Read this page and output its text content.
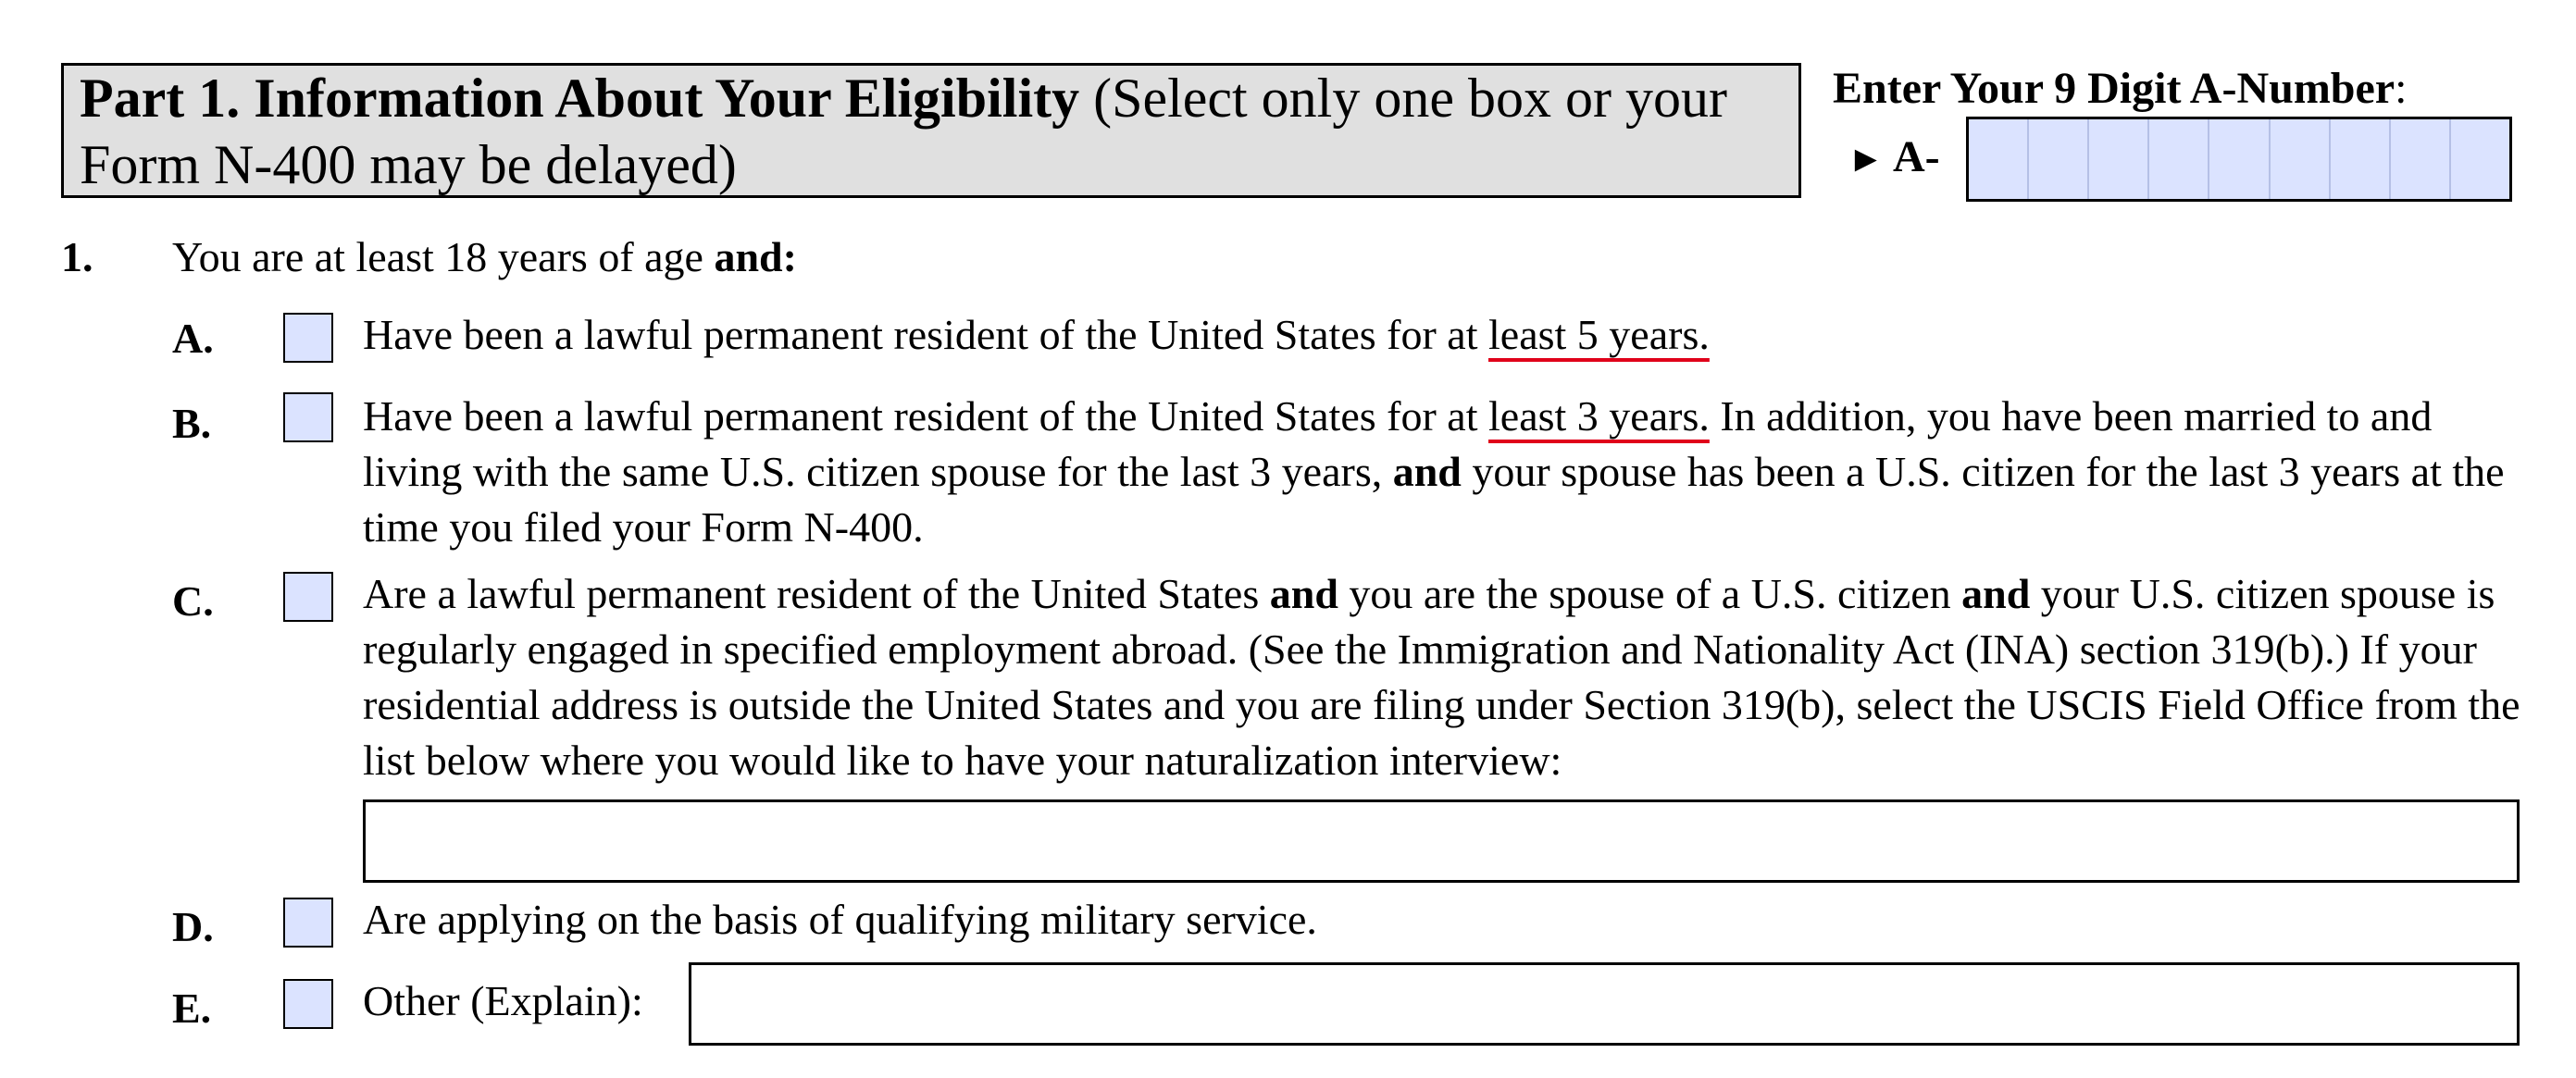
Part 1. Information About Your Eligibility (Select only one box or your Form N-400 may be delayed)
Enter Your 9 Digit A-Number:
► A-
1. You are at least 18 years of age and:
A.	Have been a lawful permanent resident of the United States for at least 5 years.
B.	Have been a lawful permanent resident of the United States for at least 3 years. In addition, you have been married to and living with the same U.S. citizen spouse for the last 3 years, and your spouse has been a U.S. citizen for the last 3 years at the time you filed your Form N-400.
C.	Are a lawful permanent resident of the United States and you are the spouse of a U.S. citizen and your U.S. citizen spouse is regularly engaged in specified employment abroad. (See the Immigration and Nationality Act (INA) section 319(b).) If your residential address is outside the United States and you are filing under Section 319(b), select the USCIS Field Office from the list below where you would like to have your naturalization interview:
D.	Are applying on the basis of qualifying military service.
E.	Other (Explain):
